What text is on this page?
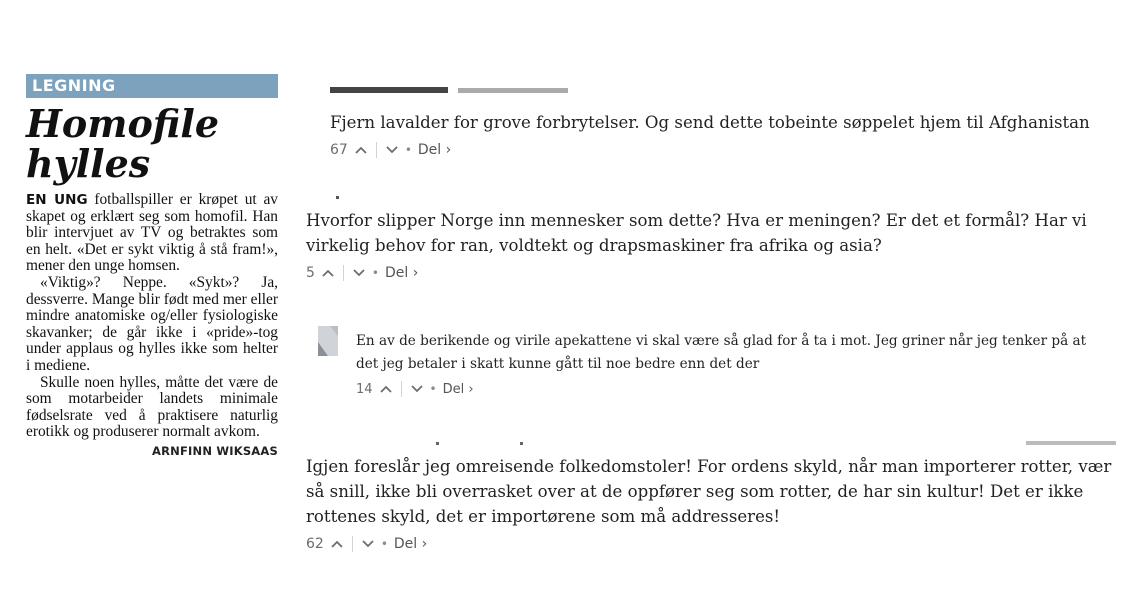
LEGNING
Homofile
hylles

EN UNG fotballspiller er krøpet ut av skapet og erklært seg som homofil. Han blir intervjuet av TV og betraktes som en helt. «Det er sykt viktig å stå fram!», mener den unge homsen.

«Viktig»? Neppe. «Sykt»? Ja, dessverre. Mange blir født med mer eller mindre anatomiske og/eller fysiologiske skavanker; de går ikke i «pride»-tog under applaus og hylles ikke som helter i mediene.

Skulle noen hylles, måtte det være de som motarbeider landets minimale fødselsrate ved å praktisere naturlig erotikk og produserer normalt avkom.

ARNFINN WIKSAAS

Fjern lavalder for grove forbrytelser. Og send dette tobeinte søppelet hjem til Afghanistan

67	• Del ›

Hvorfor slipper Norge inn mennesker som dette? Hva er meningen? Er det et formål? Har vi virkelig behov for ran, voldtekt og drapsmaskiner fra afrika og asia?

5	• Del ›

En av de berikende og virile apekattene vi skal være så glad for å ta i mot. Jeg griner når jeg tenker på at det jeg betaler i skatt kunne gått til noe bedre enn det der

14	• Del ›

Igjen foreslår jeg omreisende folkedomstoler! For ordens skyld, når man importerer rotter, vær så snill, ikke bli overrasket over at de oppfører seg som rotter, de har sin kultur! Det er ikke rottenes skyld, det er importørene som må addresseres!

62	• Del ›
